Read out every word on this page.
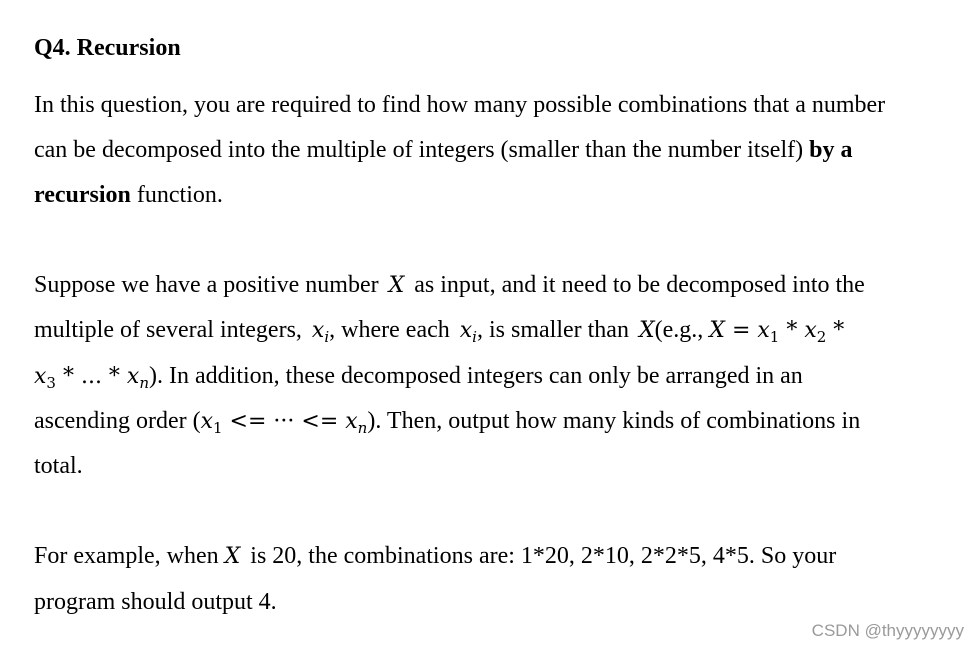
Q4. Recursion
In this question, you are required to find how many possible combinations that a number
can be decomposed into the multiple of integers (smaller than the number itself) by a
recursion function.
Suppose we have a positive number X as input, and it need to be decomposed into the
multiple of several integers, $x_i$, where each $x_i$, is smaller than X(e.g., $X = x_1 * x_2$ *
$x_3$ * ... * $x_n$). In addition, these decomposed integers can only be arranged in an
ascending order ($x_1$ <= ··· <= $x_n$). Then, output how many kinds of combinations in
total.
For example, when X is 20, the combinations are: 1*20, 2*10, 2*2*5, 4*5. So your
program should output 4.
CSDN @thyyyyyyyy
